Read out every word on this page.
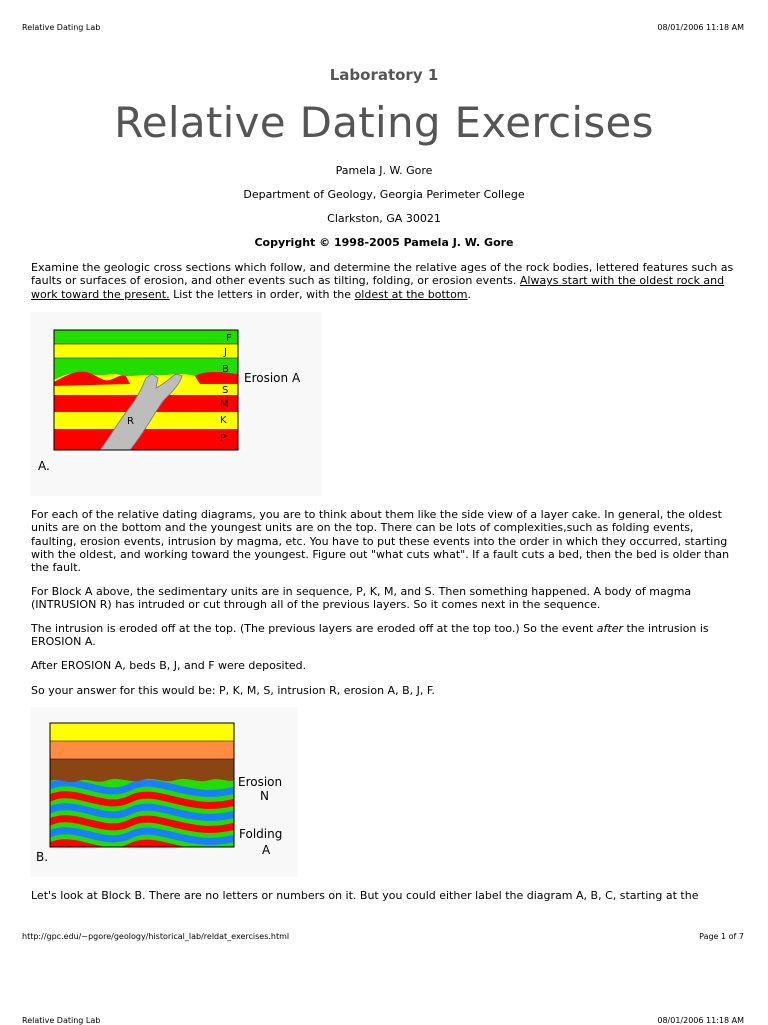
Relative Dating Lab	08/01/2006 11:18 AM
Laboratory 1
Relative Dating Exercises
Pamela J. W. Gore
Department of Geology, Georgia Perimeter College
Clarkston, GA 30021
Copyright © 1998-2005 Pamela J. W. Gore

Examine the geologic cross sections which follow, and determine the relative ages of the rock bodies, lettered features such as faults or surfaces of erosion, and other events such as tilting, folding, or erosion events. Always start with the oldest rock and work toward the present. List the letters in order, with the oldest at the bottom.

F
J
B
S
M
K
P
R
Erosion A
A.

For each of the relative dating diagrams, you are to think about them like the side view of a layer cake. In general, the oldest units are on the bottom and the youngest units are on the top. There can be lots of complexities,such as folding events, faulting, erosion events, intrusion by magma, etc. You have to put these events into the order in which they occurred, starting with the oldest, and working toward the youngest. Figure out "what cuts what". If a fault cuts a bed, then the bed is older than the fault.

For Block A above, the sedimentary units are in sequence, P, K, M, and S. Then something happened. A body of magma (INTRUSION R) has intruded or cut through all of the previous layers. So it comes next in the sequence.

The intrusion is eroded off at the top. (The previous layers are eroded off at the top too.) So the event after the intrusion is EROSION A.

After EROSION A, beds B, J, and F were deposited.

So your answer for this would be: P, K, M, S, intrusion R, erosion A, B, J, F.

Erosion
N
Folding
A
B.

Let's look at Block B. There are no letters or numbers on it. But you could either label the diagram A, B, C, starting at the

http://gpc.edu/~pgore/geology/historical_lab/reldat_exercises.html	Page 1 of 7
Relative Dating Lab	08/01/2006 11:18 AM
